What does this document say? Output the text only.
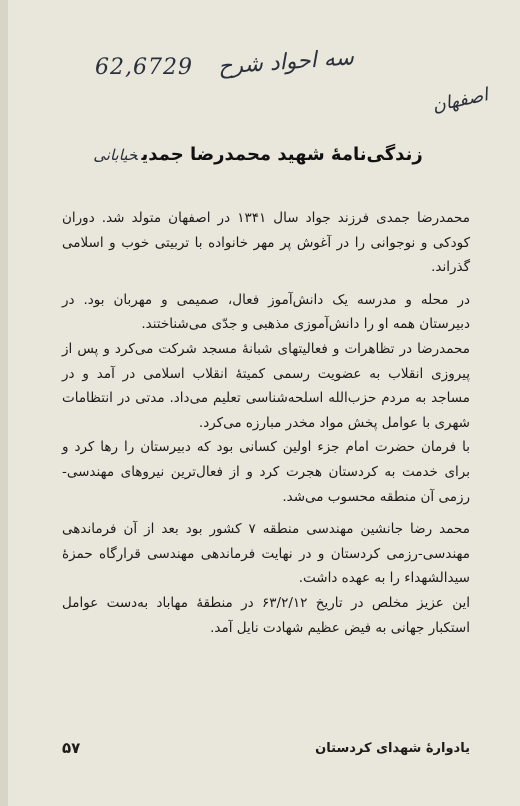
62,6729 سه احواد شرح
اصفهان
زندگی‌نامهٔ شهید محمدرضا جمدیخیابانی

محمدرضا جمدی فرزند جواد سال ۱۳۴۱ در اصفهان متولد شد. دوران کودکی و نوجوانی را در آغوش پر مهر خانواده با تربیتی خوب و اسلامی گذراند.

در محله و مدرسه یک دانش‌آموز فعال، صمیمی و مهربان بود. در دبیرستان همه او را دانش‌آموزی مذهبی و جدّی می‌شناختند.

محمدرضا در تظاهرات و فعالیتهای شبانهٔ مسجد شرکت می‌کرد و پس از پیروزی انقلاب به عضویت رسمی کمیتهٔ انقلاب اسلامی در آمد و در مساجد به مردم حزب‌الله اسلحه‌شناسی تعلیم می‌داد. مدتی در انتظامات شهری با عوامل پخش مواد مخدر مبارزه می‌کرد.

با فرمان حضرت امام جزء اولین کسانی بود که دبیرستان را رها کرد و برای خدمت به کردستان هجرت کرد و از فعال‌ترین نیروهای مهندسی-رزمی آن منطقه محسوب می‌شد.

محمد رضا جانشین مهندسی منطقه ۷ کشور بود بعد از آن فرماندهی مهندسی-رزمی کردستان و در نهایت فرماندهی مهندسی قرارگاه حمزهٔ سیدالشهداء را به عهده داشت.

این عزیز مخلص در تاریخ ۶۳/۲/۱۲ در منطقهٔ مهاباد به‌دست عوامل استکبار جهانی به فیض عظیم شهادت نایل آمد.

یادوارهٔ شهدای کردستان
۵۷
